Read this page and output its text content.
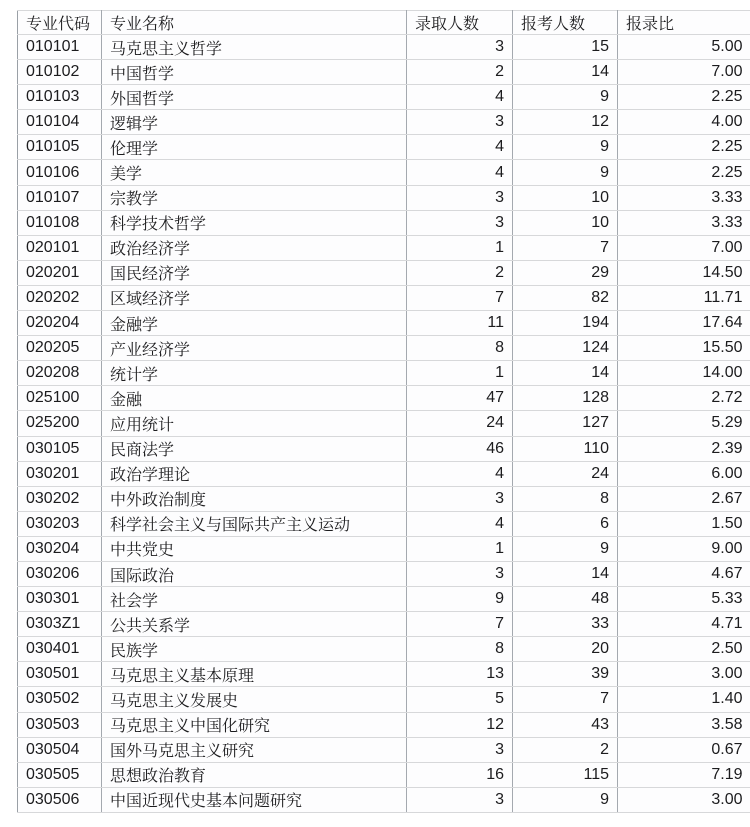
专业代码	专业名称	录取人数	报考人数	报录比
010101	马克思主义哲学	3	15	5.00
010102	中国哲学	2	14	7.00
010103	外国哲学	4	9	2.25
010104	逻辑学	3	12	4.00
010105	伦理学	4	9	2.25
010106	美学	4	9	2.25
010107	宗教学	3	10	3.33
010108	科学技术哲学	3	10	3.33
020101	政治经济学	1	7	7.00
020201	国民经济学	2	29	14.50
020202	区域经济学	7	82	11.71
020204	金融学	11	194	17.64
020205	产业经济学	8	124	15.50
020208	统计学	1	14	14.00
025100	金融	47	128	2.72
025200	应用统计	24	127	5.29
030105	民商法学	46	110	2.39
030201	政治学理论	4	24	6.00
030202	中外政治制度	3	8	2.67
030203	科学社会主义与国际共产主义运动	4	6	1.50
030204	中共党史	1	9	9.00
030206	国际政治	3	14	4.67
030301	社会学	9	48	5.33
0303Z1	公共关系学	7	33	4.71
030401	民族学	8	20	2.50
030501	马克思主义基本原理	13	39	3.00
030502	马克思主义发展史	5	7	1.40
030503	马克思主义中国化研究	12	43	3.58
030504	国外马克思主义研究	3	2	0.67
030505	思想政治教育	16	115	7.19
030506	中国近现代史基本问题研究	3	9	3.00
